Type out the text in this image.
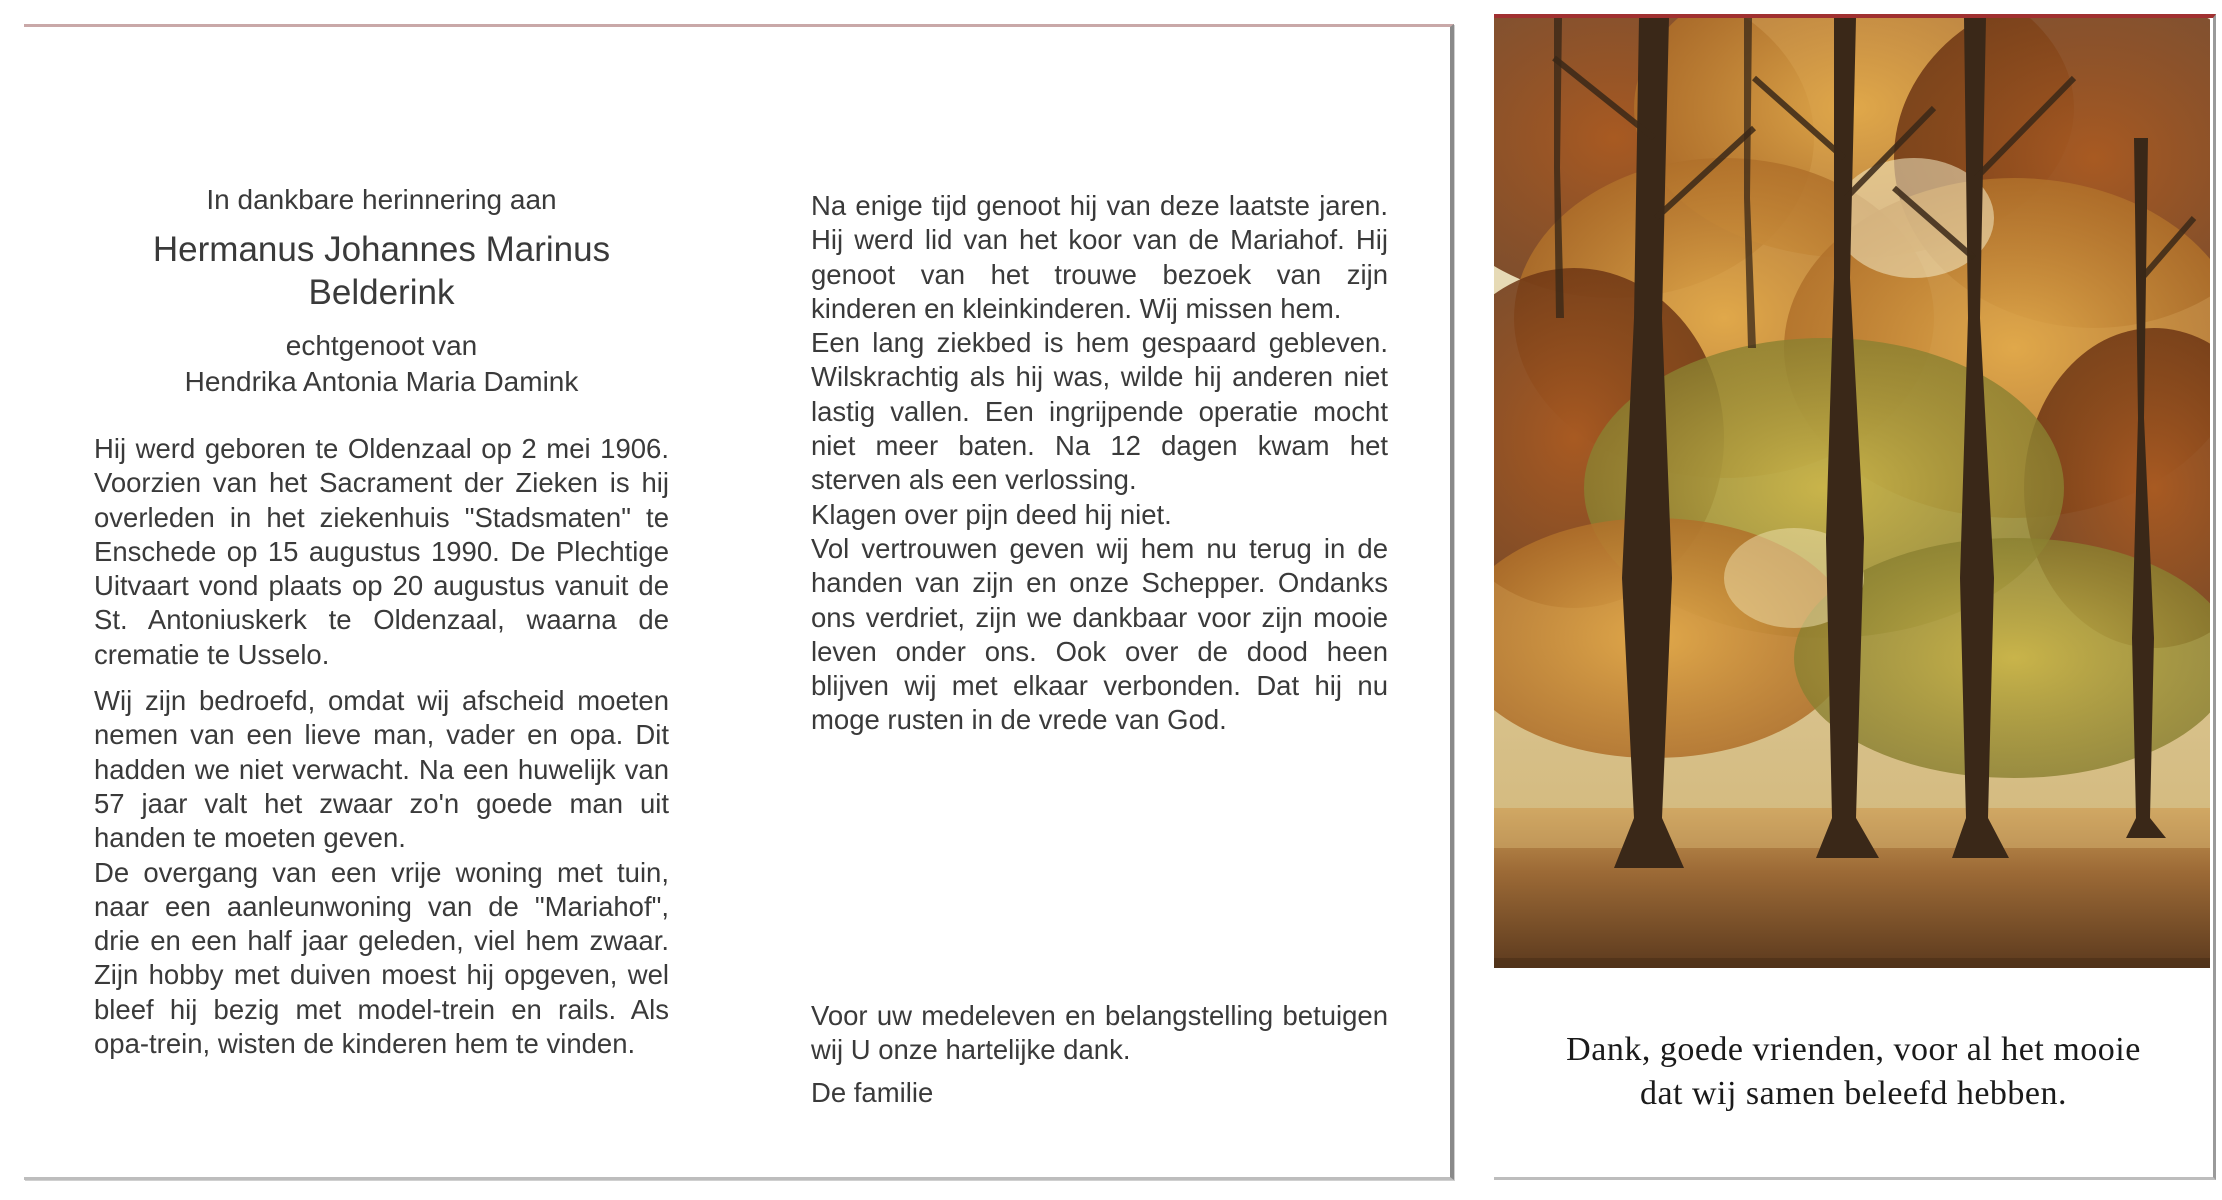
In dankbare herinnering aan
Hermanus Johannes Marinus
Belderink
echtgenoot van
Hendrika Antonia Maria Damink

Hij werd geboren te Oldenzaal op 2 mei 1906. Voorzien van het Sacrament der Zieken is hij overleden in het ziekenhuis "Stadsmaten" te Enschede op 15 augustus 1990. De Plechtige Uitvaart vond plaats op 20 augustus vanuit de St. Antoniuskerk te Oldenzaal, waarna de crematie te Usselo.

Wij zijn bedroefd, omdat wij afscheid moeten nemen van een lieve man, vader en opa. Dit hadden we niet verwacht. Na een huwelijk van 57 jaar valt het zwaar zo'n goede man uit handen te moeten geven.

De overgang van een vrije woning met tuin, naar een aanleunwoning van de "Mariahof", drie en een half jaar geleden, viel hem zwaar. Zijn hobby met duiven moest hij opgeven, wel bleef hij bezig met model-trein en rails. Als opa-trein, wisten de kinderen hem te vinden.

Na enige tijd genoot hij van deze laatste jaren. Hij werd lid van het koor van de Mariahof. Hij genoot van het trouwe bezoek van zijn kinderen en kleinkinderen. Wij missen hem.

Een lang ziekbed is hem gespaard gebleven. Wilskrachtig als hij was, wilde hij anderen niet lastig vallen. Een ingrijpende operatie mocht niet meer baten. Na 12 dagen kwam het sterven als een verlossing.

Klagen over pijn deed hij niet.

Vol vertrouwen geven wij hem nu terug in de handen van zijn en onze Schepper. Ondanks ons verdriet, zijn we dankbaar voor zijn mooie leven onder ons. Ook over de dood heen blijven wij met elkaar verbonden. Dat hij nu moge rusten in de vrede van God.

Voor uw medeleven en belangstelling betuigen wij U onze hartelijke dank.

De familie

Dank, goede vrienden, voor al het mooie
dat wij samen beleefd hebben.
